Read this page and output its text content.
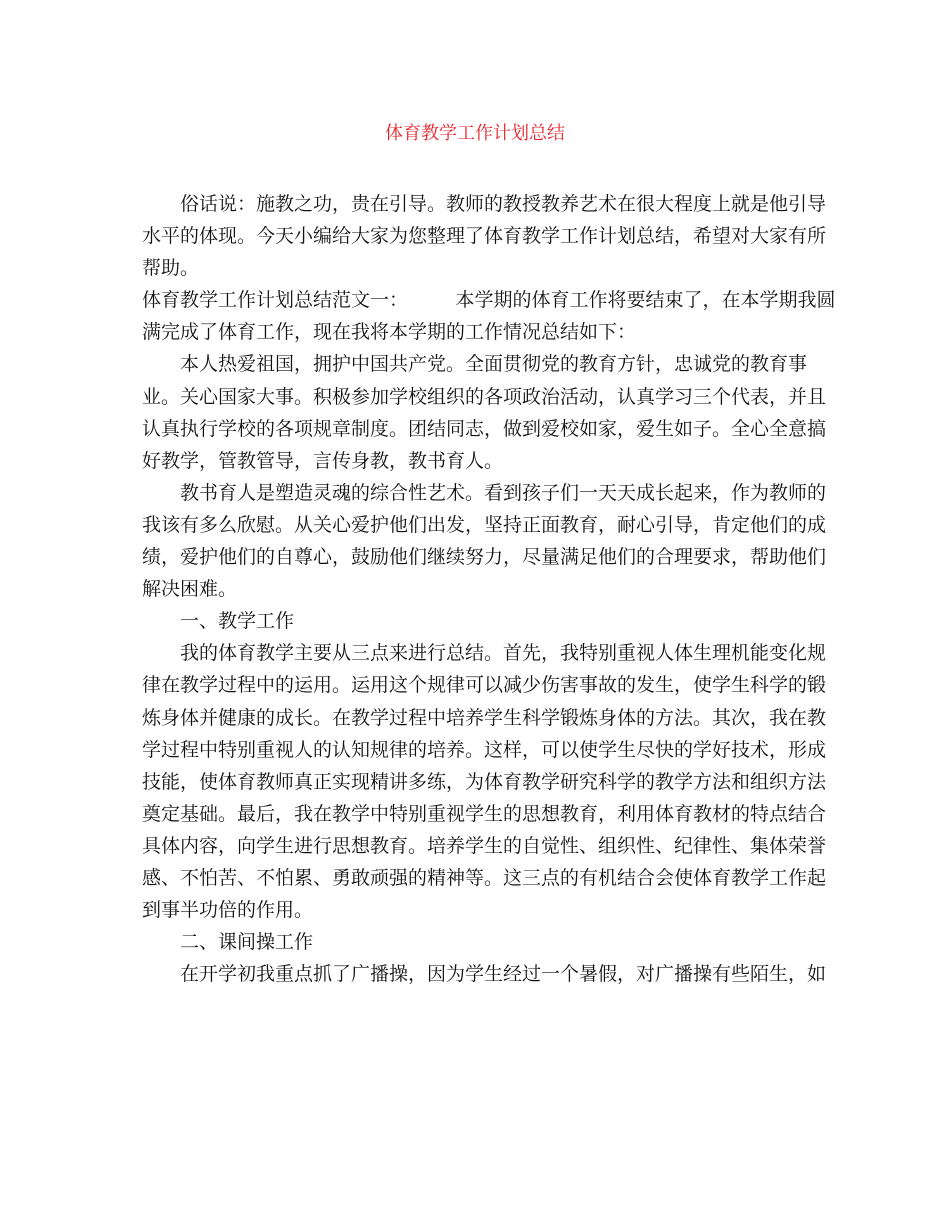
体育教学工作计划总结
俗话说：施教之功，贵在引导。教师的教授教养艺术在很大程度上就是他引导
水平的体现。今天小编给大家为您整理了体育教学工作计划总结，希望对大家有所
帮助。
体育教学工作计划总结范文一：　　　本学期的体育工作将要结束了，在本学期我圆
满完成了体育工作，现在我将本学期的工作情况总结如下：
本人热爱祖国，拥护中国共产党。全面贯彻党的教育方针，忠诚党的教育事
业。关心国家大事。积极参加学校组织的各项政治活动，认真学习三个代表，并且
认真执行学校的各项规章制度。团结同志，做到爱校如家，爱生如子。全心全意搞
好教学，管教管导，言传身教，教书育人。
教书育人是塑造灵魂的综合性艺术。看到孩子们一天天成长起来，作为教师的
我该有多么欣慰。从关心爱护他们出发，坚持正面教育，耐心引导，肯定他们的成
绩，爱护他们的自尊心，鼓励他们继续努力，尽量满足他们的合理要求，帮助他们
解决困难。
一、教学工作
我的体育教学主要从三点来进行总结。首先，我特别重视人体生理机能变化规
律在教学过程中的运用。运用这个规律可以减少伤害事故的发生，使学生科学的锻
炼身体并健康的成长。在教学过程中培养学生科学锻炼身体的方法。其次，我在教
学过程中特别重视人的认知规律的培养。这样，可以使学生尽快的学好技术，形成
技能，使体育教师真正实现精讲多练，为体育教学研究科学的教学方法和组织方法
奠定基础。最后，我在教学中特别重视学生的思想教育，利用体育教材的特点结合
具体内容，向学生进行思想教育。培养学生的自觉性、组织性、纪律性、集体荣誉
感、不怕苦、不怕累、勇敢顽强的精神等。这三点的有机结合会使体育教学工作起
到事半功倍的作用。
二、课间操工作
在开学初我重点抓了广播操，因为学生经过一个暑假，对广播操有些陌生，如
